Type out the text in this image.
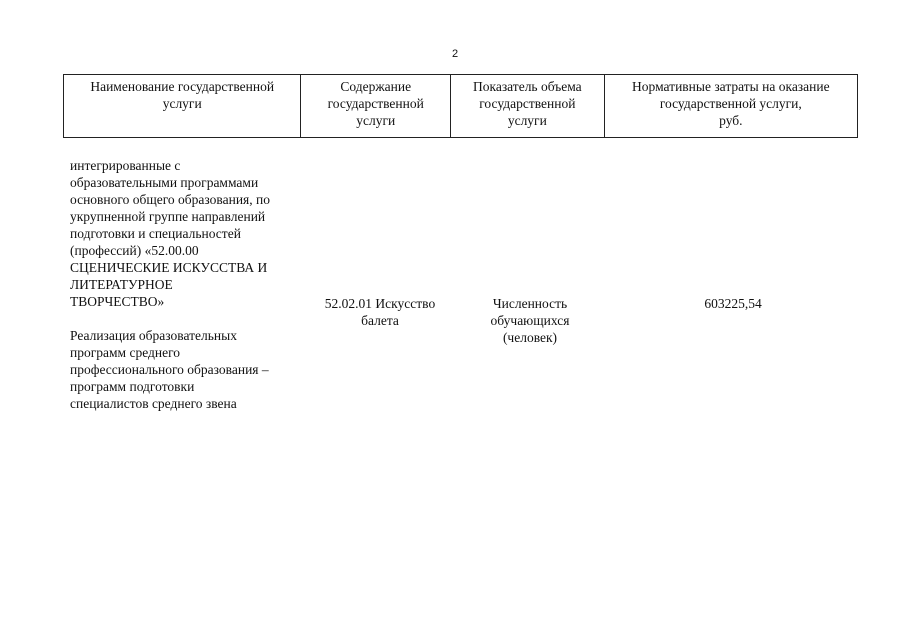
2
Наименование государственной
услуги
Содержание
государственной
услуги
Показатель объема
государственной
услуги
Нормативные затраты на оказание
государственной услуги,
руб.

интегрированные с
образовательными программами
основного общего образования, по
укрупненной группе направлений
подготовки и специальностей
(профессий) «52.00.00
СЦЕНИЧЕСКИЕ ИСКУССТВА И
ЛИТЕРАТУРНОЕ
ТВОРЧЕСТВО»

Реализация образовательных
программ среднего
профессионального образования –
программ подготовки
специалистов среднего звена

52.02.01 Искусство
балета
Численность
обучающихся
(человек)
603225,54
